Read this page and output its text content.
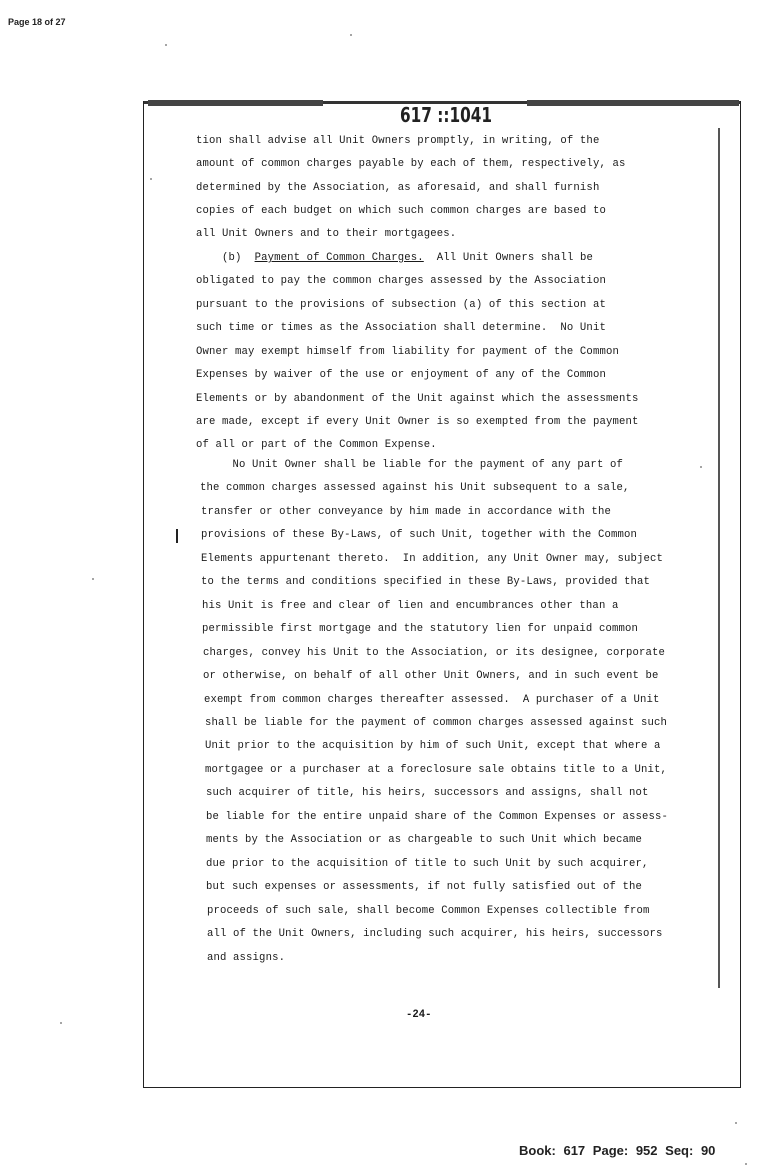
Page 18 of 27
617 ::1041
tion shall advise all Unit Owners promptly, in writing, of the
amount of common charges payable by each of them, respectively, as
determined by the Association, as aforesaid, and shall furnish
copies of each budget on which such common charges are based to
all Unit Owners and to their mortgagees.
(b)  Payment of Common Charges.  All Unit Owners shall be
obligated to pay the common charges assessed by the Association
pursuant to the provisions of subsection (a) of this section at
such time or times as the Association shall determine.  No Unit
Owner may exempt himself from liability for payment of the Common
Expenses by waiver of the use or enjoyment of any of the Common
Elements or by abandonment of the Unit against which the assessments
are made, except if every Unit Owner is so exempted from the payment
of all or part of the Common Expense.
No Unit Owner shall be liable for the payment of any part of
the common charges assessed against his Unit subsequent to a sale,
transfer or other conveyance by him made in accordance with the
provisions of these By-Laws, of such Unit, together with the Common
Elements appurtenant thereto.  In addition, any Unit Owner may, subject
to the terms and conditions specified in these By-Laws, provided that
his Unit is free and clear of lien and encumbrances other than a
permissible first mortgage and the statutory lien for unpaid common
charges, convey his Unit to the Association, or its designee, corporate
or otherwise, on behalf of all other Unit Owners, and in such event be
exempt from common charges thereafter assessed.  A purchaser of a Unit
shall be liable for the payment of common charges assessed against such
Unit prior to the acquisition by him of such Unit, except that where a
mortgagee or a purchaser at a foreclosure sale obtains title to a Unit,
such acquirer of title, his heirs, successors and assigns, shall not
be liable for the entire unpaid share of the Common Expenses or assess-
ments by the Association or as chargeable to such Unit which became
due prior to the acquisition of title to such Unit by such acquirer,
but such expenses or assessments, if not fully satisfied out of the
proceeds of such sale, shall become Common Expenses collectible from
all of the Unit Owners, including such acquirer, his heirs, successors
and assigns.
-24-
Book: 617 Page: 952 Seq: 90
